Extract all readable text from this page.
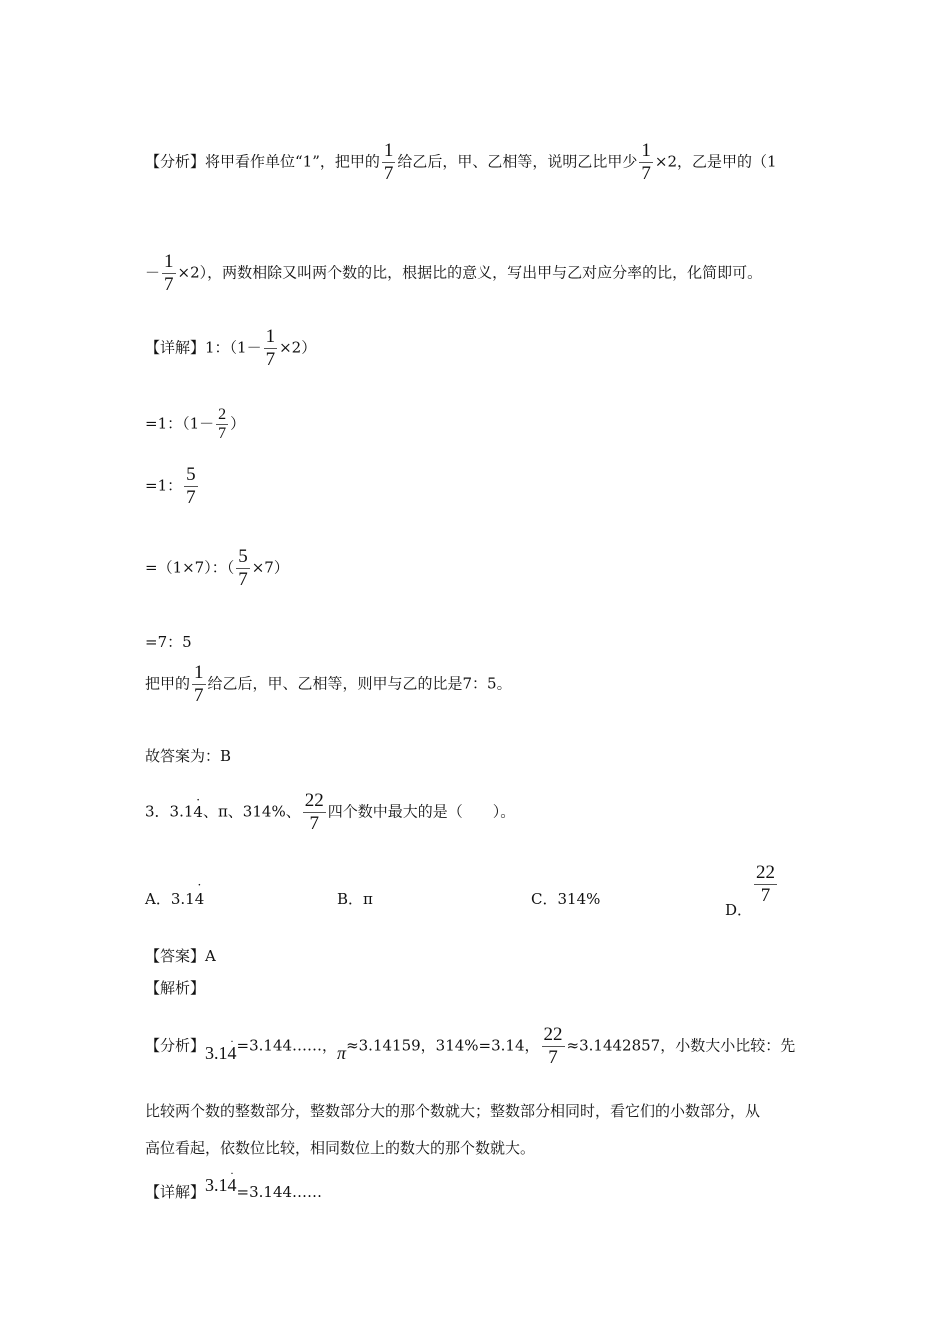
【分析】将甲看作单位“1”，把甲的 $\frac{1}{7}$ 给乙后，甲、乙相等，说明乙比甲少 $\frac{1}{7} \times 2$，乙是甲的（1
－ $\frac{1}{7} \times 2$），两数相除又叫两个数的比，根据比的意义，写出甲与乙对应分率的比，化简即可。
【详解】1：$(1- \frac{1}{7} \times 2)$
=1：（$1- \frac{2}{7}$ ）
=1： $\frac{5}{7}$
=（1×7）：（ $\frac{5}{7} \times 7$）
=7：5
把甲的 $\frac{1}{7}$ 给乙后，甲、乙相等，则甲与乙的比是7：5。
故答案为：B
3．3.1· 4、π、314%、 $\frac{22}{7}$ 四个数中最大的是（　　）。
A．3.1· 4	B．π	C．314%
D．
$\frac{22}{7}$
【答案】A
【解析】
【分析】3.1· 4=3.144……，π≈3.14159，314%=3.14， $\frac{22}{7} \approx 3.1442857$，小数大小比较：先
比较两个数的整数部分，整数部分大的那个数就大；整数部分相同时，看它们的小数部分，从
高位看起，依数位比较，相同数位上的数大的那个数就大。
【详解】3.1· 4=3.144……
